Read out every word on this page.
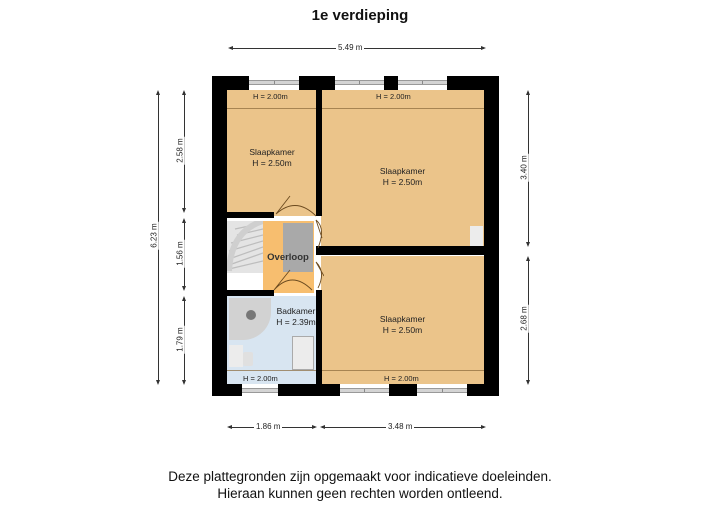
1e verdieping
5.49 m
H = 2.00m	H = 2.00m
H = 2.00m	H = 2.00m
Slaapkamer
H = 2.50m
Slaapkamer
H = 2.50m
Overloop
Badkamer
H = 2.39m	Slaapkamer
H = 2.50m
6.23 m
2.58 m
1.56 m
1.79 m
3.40 m
2.68 m
1.86 m	3.48 m
Deze plattegronden zijn opgemaakt voor indicatieve doeleinden.
Hieraan kunnen geen rechten worden ontleend.
